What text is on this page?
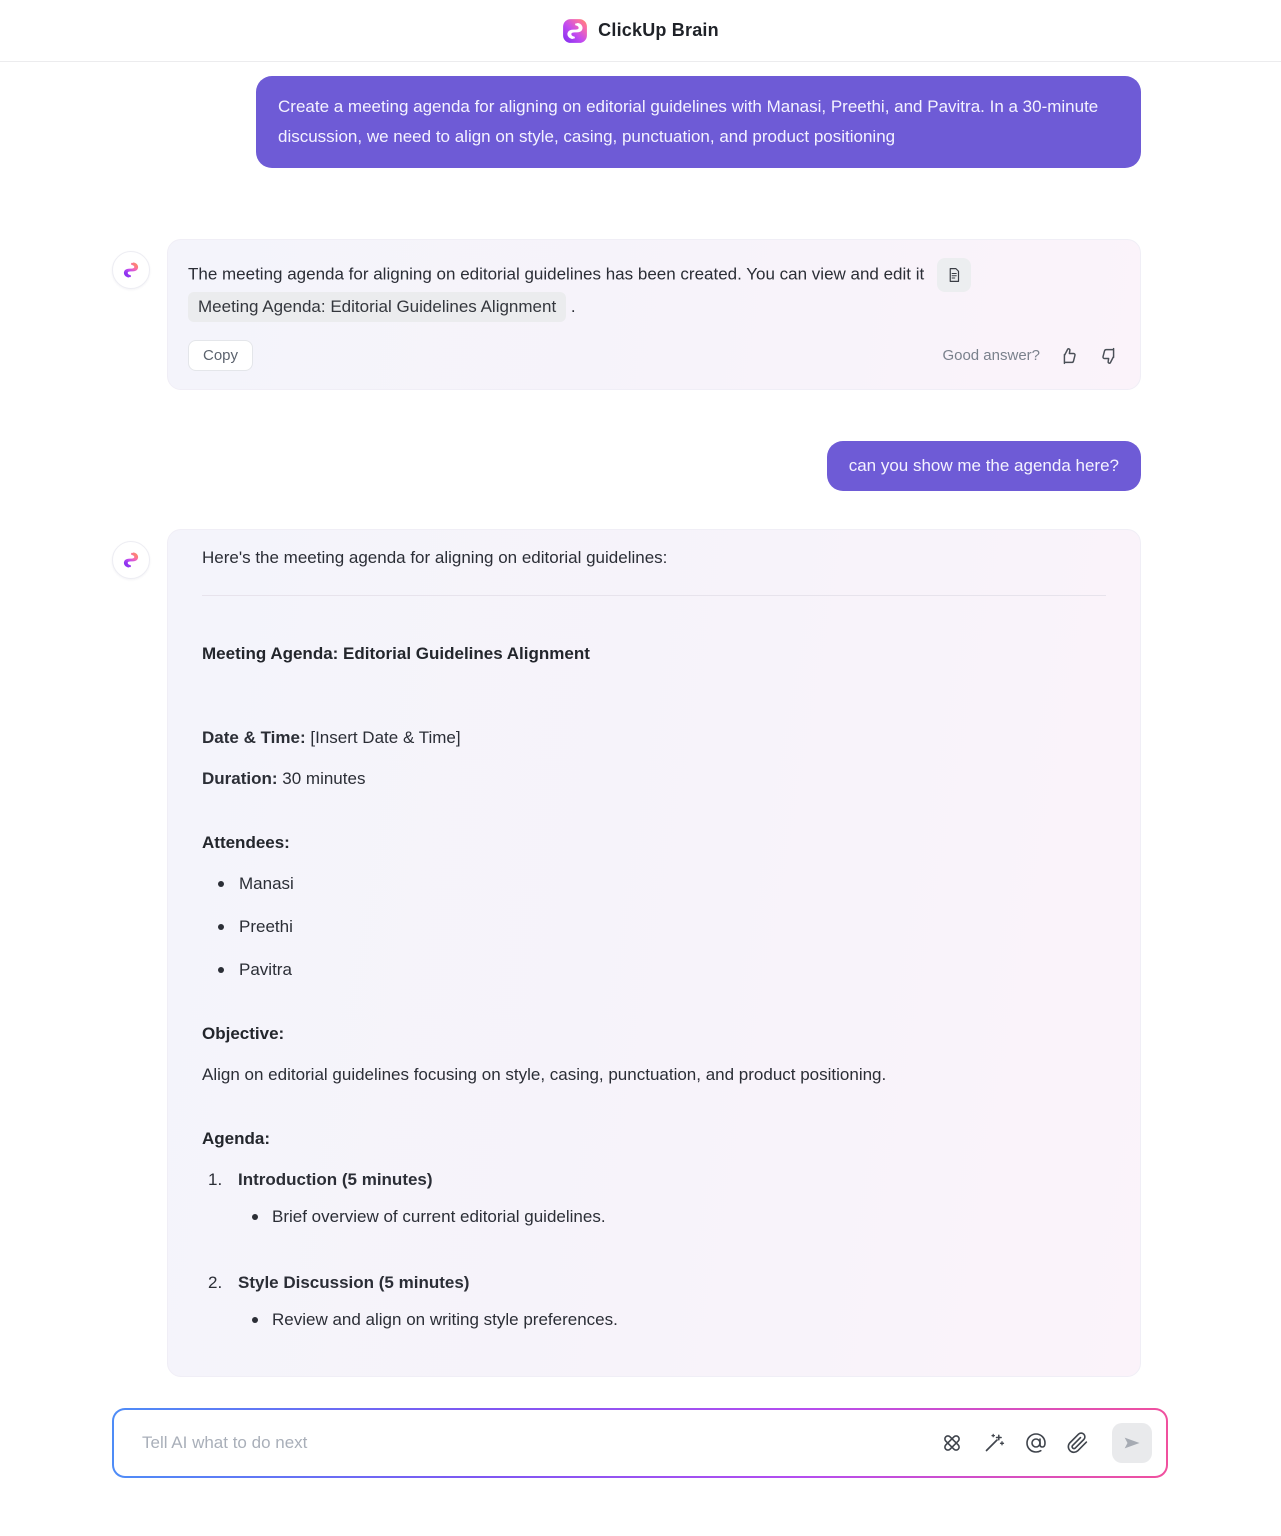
ClickUp Brain
Create a meeting agenda for aligning on editorial guidelines with Manasi, Preethi, and Pavitra. In a 30-minute discussion, we need to align on style, casing, punctuation, and product positioning
The meeting agenda for aligning on editorial guidelines has been created. You can view and edit it

Meeting Agenda: Editorial Guidelines Alignment .
Copy	Good answer?
can you show me the agenda here?

Here's the meeting agenda for aligning on editorial guidelines:

Meeting Agenda: Editorial Guidelines Alignment

Date & Time: [Insert Date & Time]

Duration: 30 minutes

Attendees:
Manasi
Preethi
Pavitra
Objective:

Align on editorial guidelines focusing on style, casing, punctuation, and product positioning.

Agenda:
1. Introduction (5 minutes)
Brief overview of current editorial guidelines.
2. Style Discussion (5 minutes)
Review and align on writing style preferences.
Tell AI what to do next
